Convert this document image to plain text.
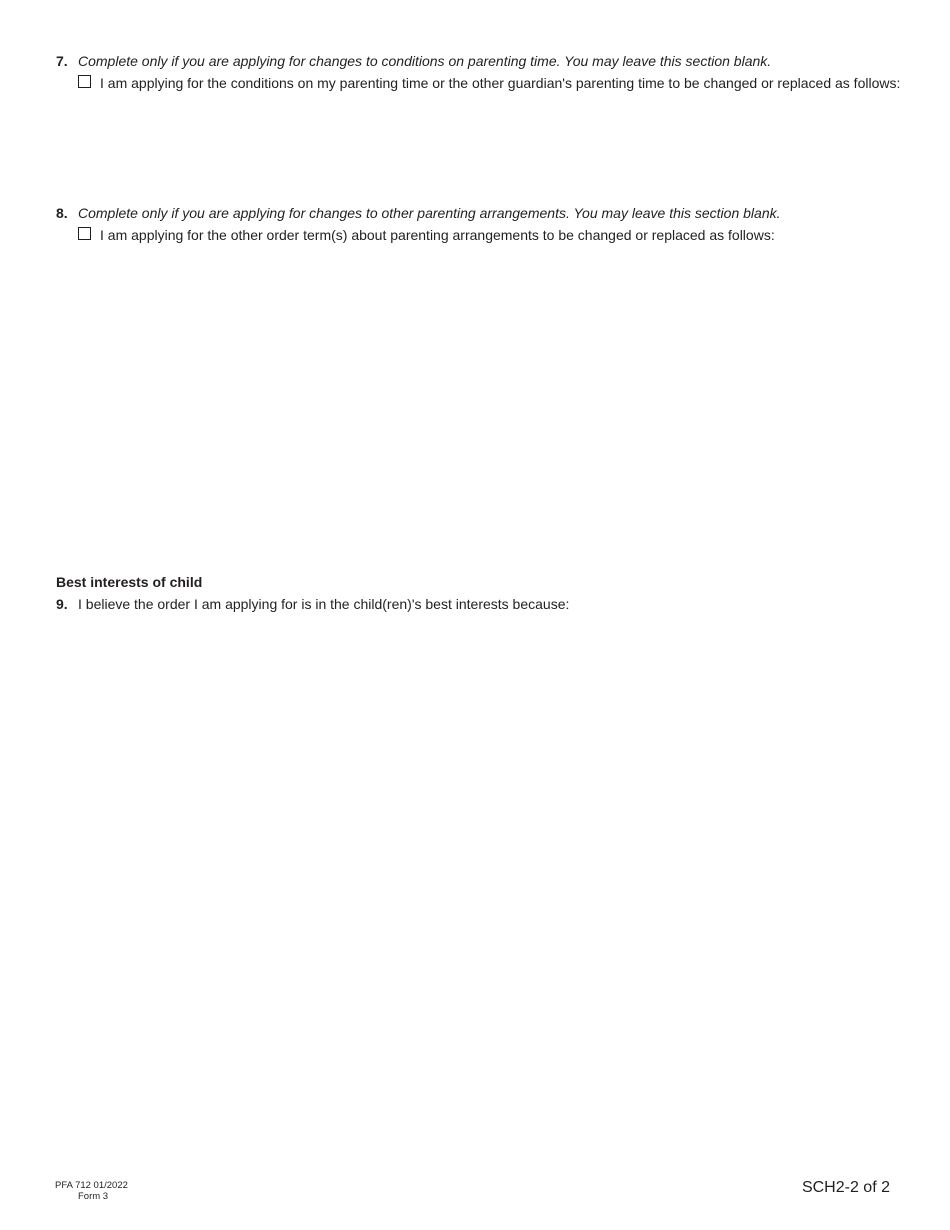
7. Complete only if you are applying for changes to conditions on parenting time. You may leave this section blank.
I am applying for the conditions on my parenting time or the other guardian's parenting time to be changed or replaced as follows:
8. Complete only if you are applying for changes to other parenting arrangements. You may leave this section blank.
I am applying for the other order term(s) about parenting arrangements to be changed or replaced as follows:
Best interests of child
9. I believe the order I am applying for is in the child(ren)'s best interests because:
PFA 712 01/2022
Form 3
SCH2-2 of 2
